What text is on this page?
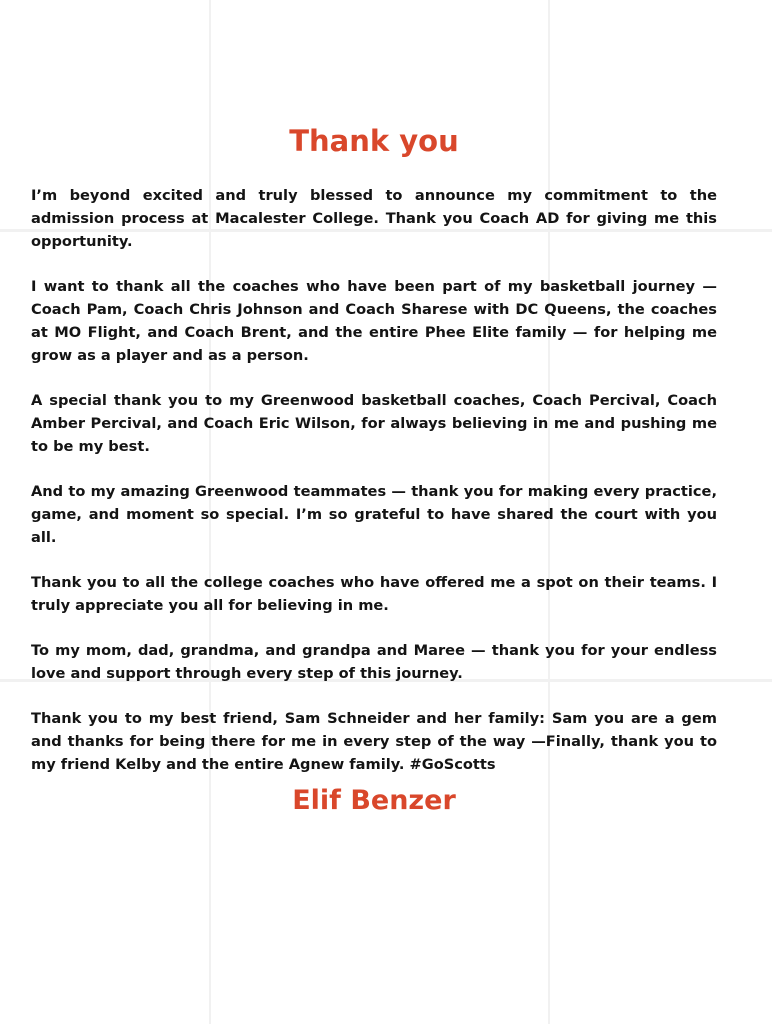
Thank you

I’m beyond excited and truly blessed to announce my commitment to the admission process at Macalester College. Thank you Coach AD for giving me this opportunity.

I want to thank all the coaches who have been part of my basketball journey — Coach Pam, Coach Chris Johnson and Coach Sharese with DC Queens, the coaches at MO Flight, and Coach Brent, and the entire Phee Elite family — for helping me grow as a player and as a person.

A special thank you to my Greenwood basketball coaches, Coach Percival, Coach Amber Percival, and Coach Eric Wilson, for always believing in me and pushing me to be my best.

And to my amazing Greenwood teammates — thank you for making every practice, game, and moment so special. I’m so grateful to have shared the court with you all.

Thank you to all the college coaches who have offered me a spot on their teams. I truly appreciate you all for believing in me.

To my mom, dad, grandma, and grandpa and Maree — thank you for your endless love and support through every step of this journey.

Thank you to my best friend, Sam Schneider and her family: Sam you are a gem and thanks for being there for me in every step of the way —Finally, thank you to my friend Kelby and the entire Agnew family. #GoScotts

Elif Benzer
